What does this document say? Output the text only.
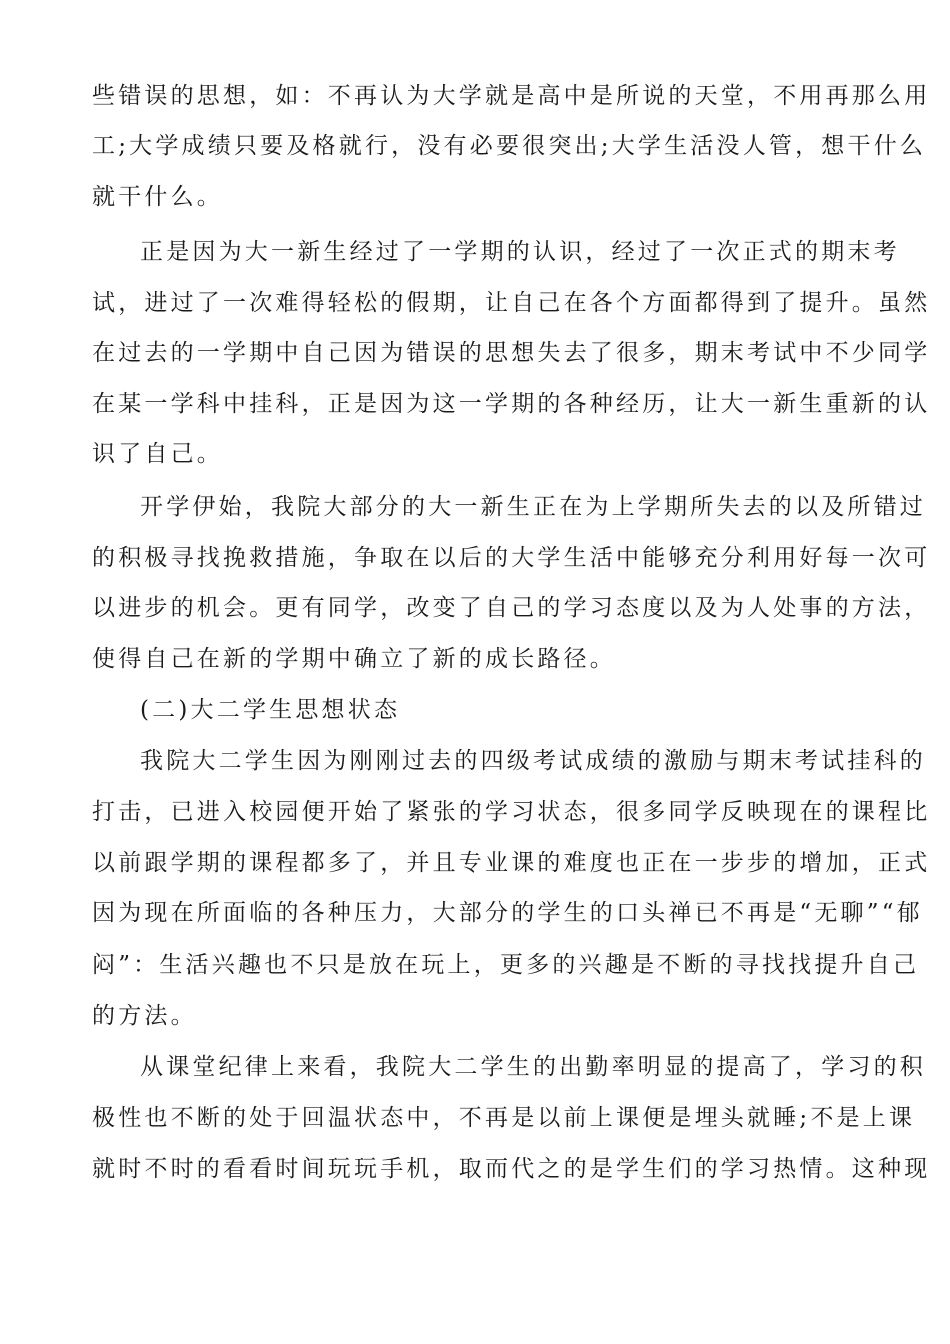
些错误的思想，如：不再认为大学就是高中是所说的天堂，不用再那么用
工;大学成绩只要及格就行，没有必要很突出;大学生活没人管，想干什么
就干什么。
正是因为大一新生经过了一学期的认识，经过了一次正式的期末考
试，进过了一次难得轻松的假期，让自己在各个方面都得到了提升。虽然
在过去的一学期中自己因为错误的思想失去了很多，期末考试中不少同学
在某一学科中挂科，正是因为这一学期的各种经历，让大一新生重新的认
识了自己。
开学伊始，我院大部分的大一新生正在为上学期所失去的以及所错过
的积极寻找挽救措施，争取在以后的大学生活中能够充分利用好每一次可
以进步的机会。更有同学，改变了自己的学习态度以及为人处事的方法，
使得自己在新的学期中确立了新的成长路径。
(二)大二学生思想状态
我院大二学生因为刚刚过去的四级考试成绩的激励与期末考试挂科的
打击，已进入校园便开始了紧张的学习状态，很多同学反映现在的课程比
以前跟学期的课程都多了，并且专业课的难度也正在一步步的增加，正式
因为现在所面临的各种压力，大部分的学生的口头禅已不再是“无聊”“郁
闷”：生活兴趣也不只是放在玩上，更多的兴趣是不断的寻找找提升自己
的方法。
从课堂纪律上来看，我院大二学生的出勤率明显的提高了，学习的积
极性也不断的处于回温状态中，不再是以前上课便是埋头就睡;不是上课
就时不时的看看时间玩玩手机，取而代之的是学生们的学习热情。这种现
